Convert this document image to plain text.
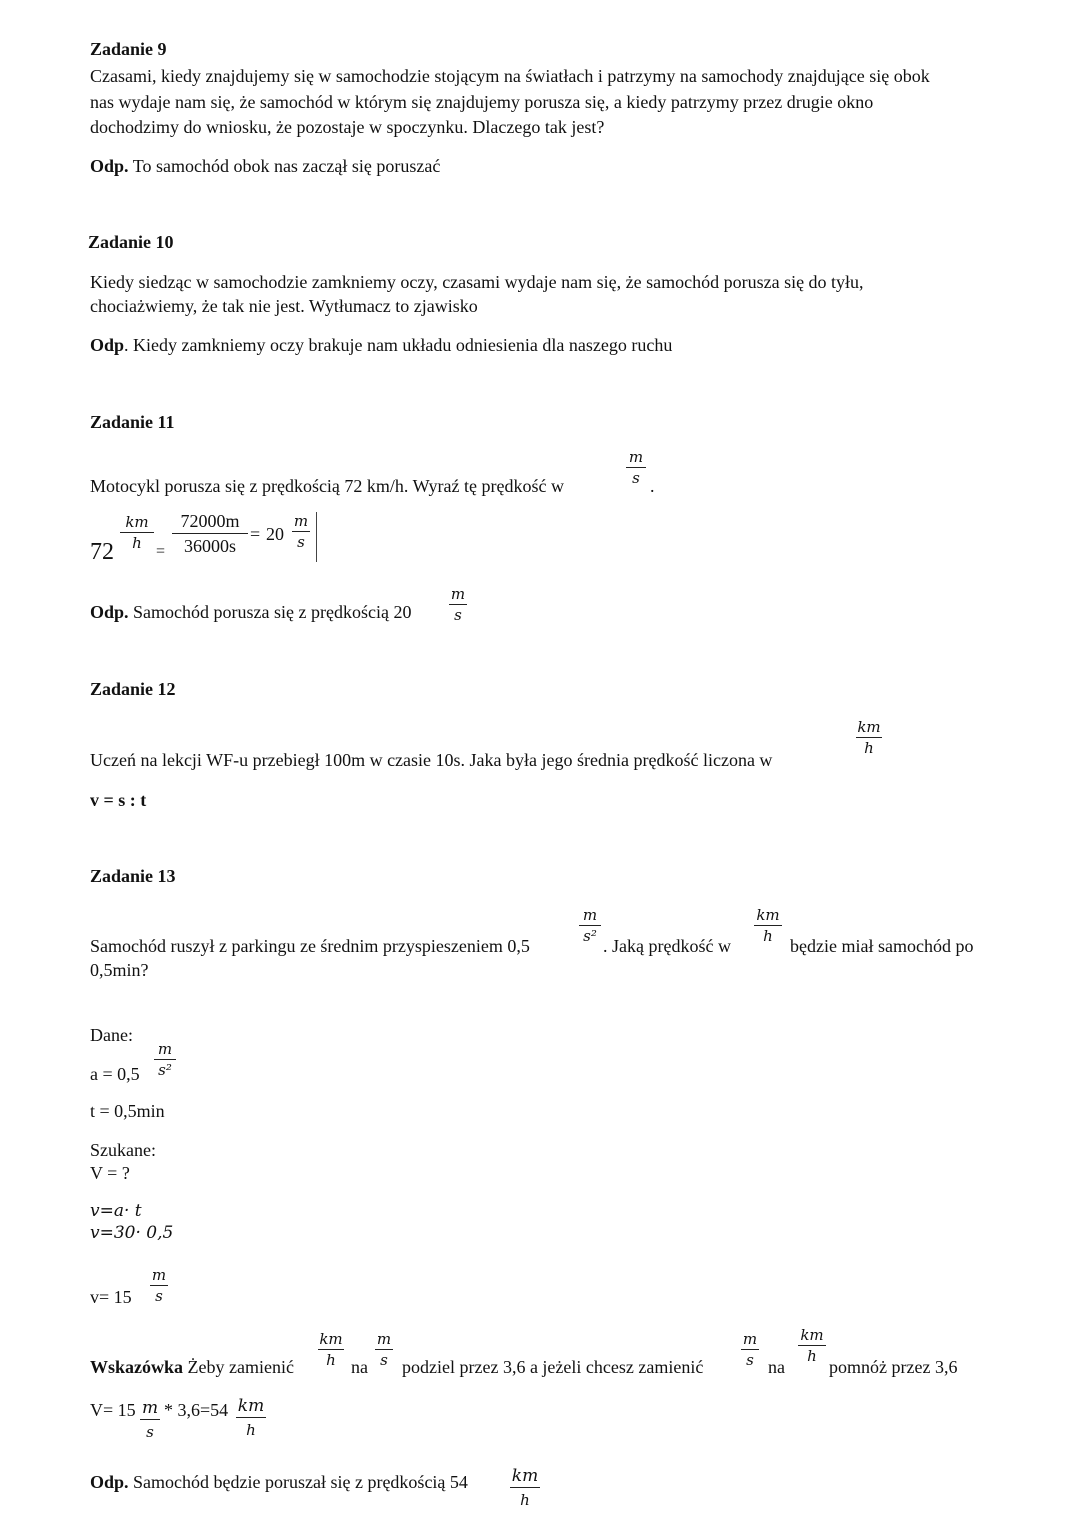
Zadanie 9
Czasami, kiedy znajdujemy się w samochodzie stojącym na światłach i patrzymy na samochody znajdujące się obok
nas wydaje nam się, że samochód w którym się znajdujemy porusza się, a kiedy patrzymy przez drugie okno
dochodzimy do wniosku, że pozostaje w spoczynku. Dlaczego tak jest?
Odp. To samochód obok nas zaczął się poruszać
Zadanie 10
Kiedy siedząc w samochodzie zamkniemy oczy, czasami wydaje nam się, że samochód porusza się do tyłu,
chociażwiemy, że tak nie jest. Wytłumacz to zjawisko
Odp. Kiedy zamkniemy oczy brakuje nam układu odniesienia dla naszego ruchu
Zadanie 11
Motocykl porusza się z prędkością 72 km/h. Wyraź tę prędkość w
m
s .
72
km
h =
72000m
36000s
= 20
m
s
Odp. Samochód porusza się z prędkością 20
m
s
Zadanie 12
Uczeń na lekcji WF-u przebiegł 100m w czasie 10s. Jaka była jego średnia prędkość liczona w
km
h
v = s : t
Zadanie 13
Samochód ruszył z parkingu ze średnim przyspieszeniem 0,5
m
s² . Jaką prędkość w
km
h będzie miał samochód po
0,5min?
Dane:
a = 0,5
m
s²
t = 0,5min
Szukane:
V = ?
v=a· t
v=30· 0,5
v= 15
m
s
Wskazówka Żeby zamienić
km
h na
m
s podziel przez 3,6 a jeżeli chcesz zamienić
m
s na
km
h
pomnóż przez 3,6
V= 15 m
s
* 3,6=54 km
h
Odp. Samochód będzie poruszał się z prędkością 54	km
h
